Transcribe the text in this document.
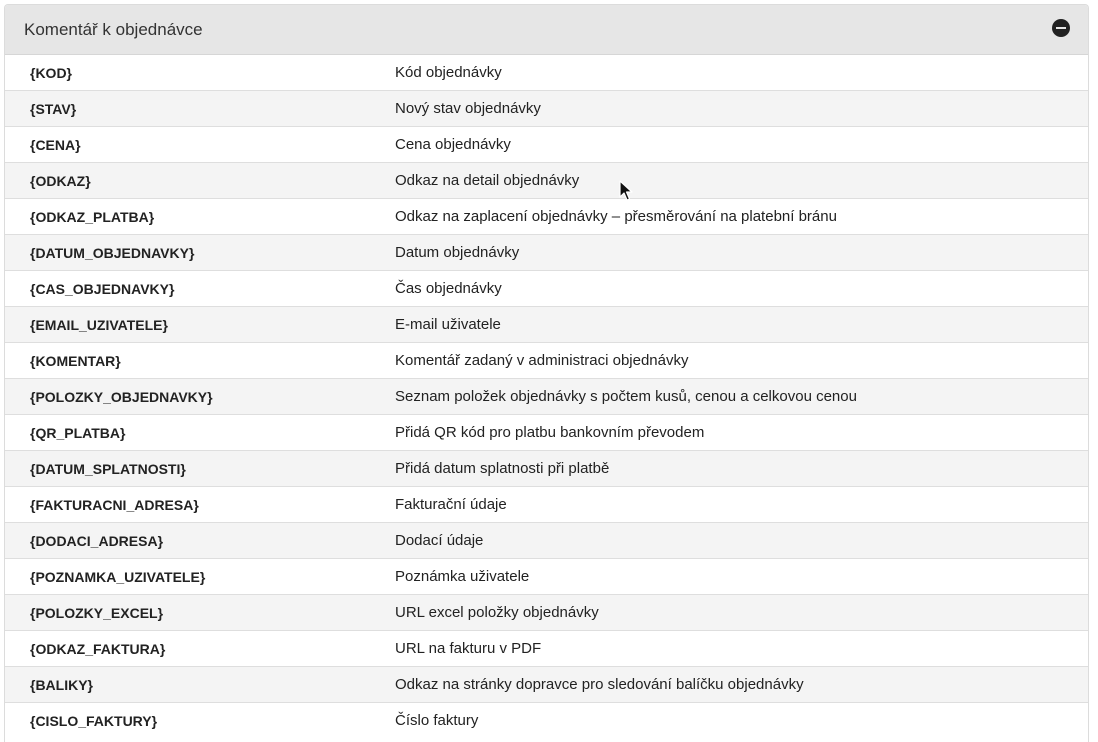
Komentář k objednávce
{KOD}	Kód objednávky
{STAV}	Nový stav objednávky
{CENA}	Cena objednávky
{ODKAZ}	Odkaz na detail objednávky
{ODKAZ_PLATBA}	Odkaz na zaplacení objednávky – přesměrování na platební bránu
{DATUM_OBJEDNAVKY}	Datum objednávky
{CAS_OBJEDNAVKY}	Čas objednávky
{EMAIL_UZIVATELE}	E-mail uživatele
{KOMENTAR}	Komentář zadaný v administraci objednávky
{POLOZKY_OBJEDNAVKY}	Seznam položek objednávky s počtem kusů, cenou a celkovou cenou
{QR_PLATBA}	Přidá QR kód pro platbu bankovním převodem
{DATUM_SPLATNOSTI}	Přidá datum splatnosti při platbě
{FAKTURACNI_ADRESA}	Fakturační údaje
{DODACI_ADRESA}	Dodací údaje
{POZNAMKA_UZIVATELE}	Poznámka uživatele
{POLOZKY_EXCEL}	URL excel položky objednávky
{ODKAZ_FAKTURA}	URL na fakturu v PDF
{BALIKY}	Odkaz na stránky dopravce pro sledování balíčku objednávky
{CISLO_FAKTURY}	Číslo faktury
